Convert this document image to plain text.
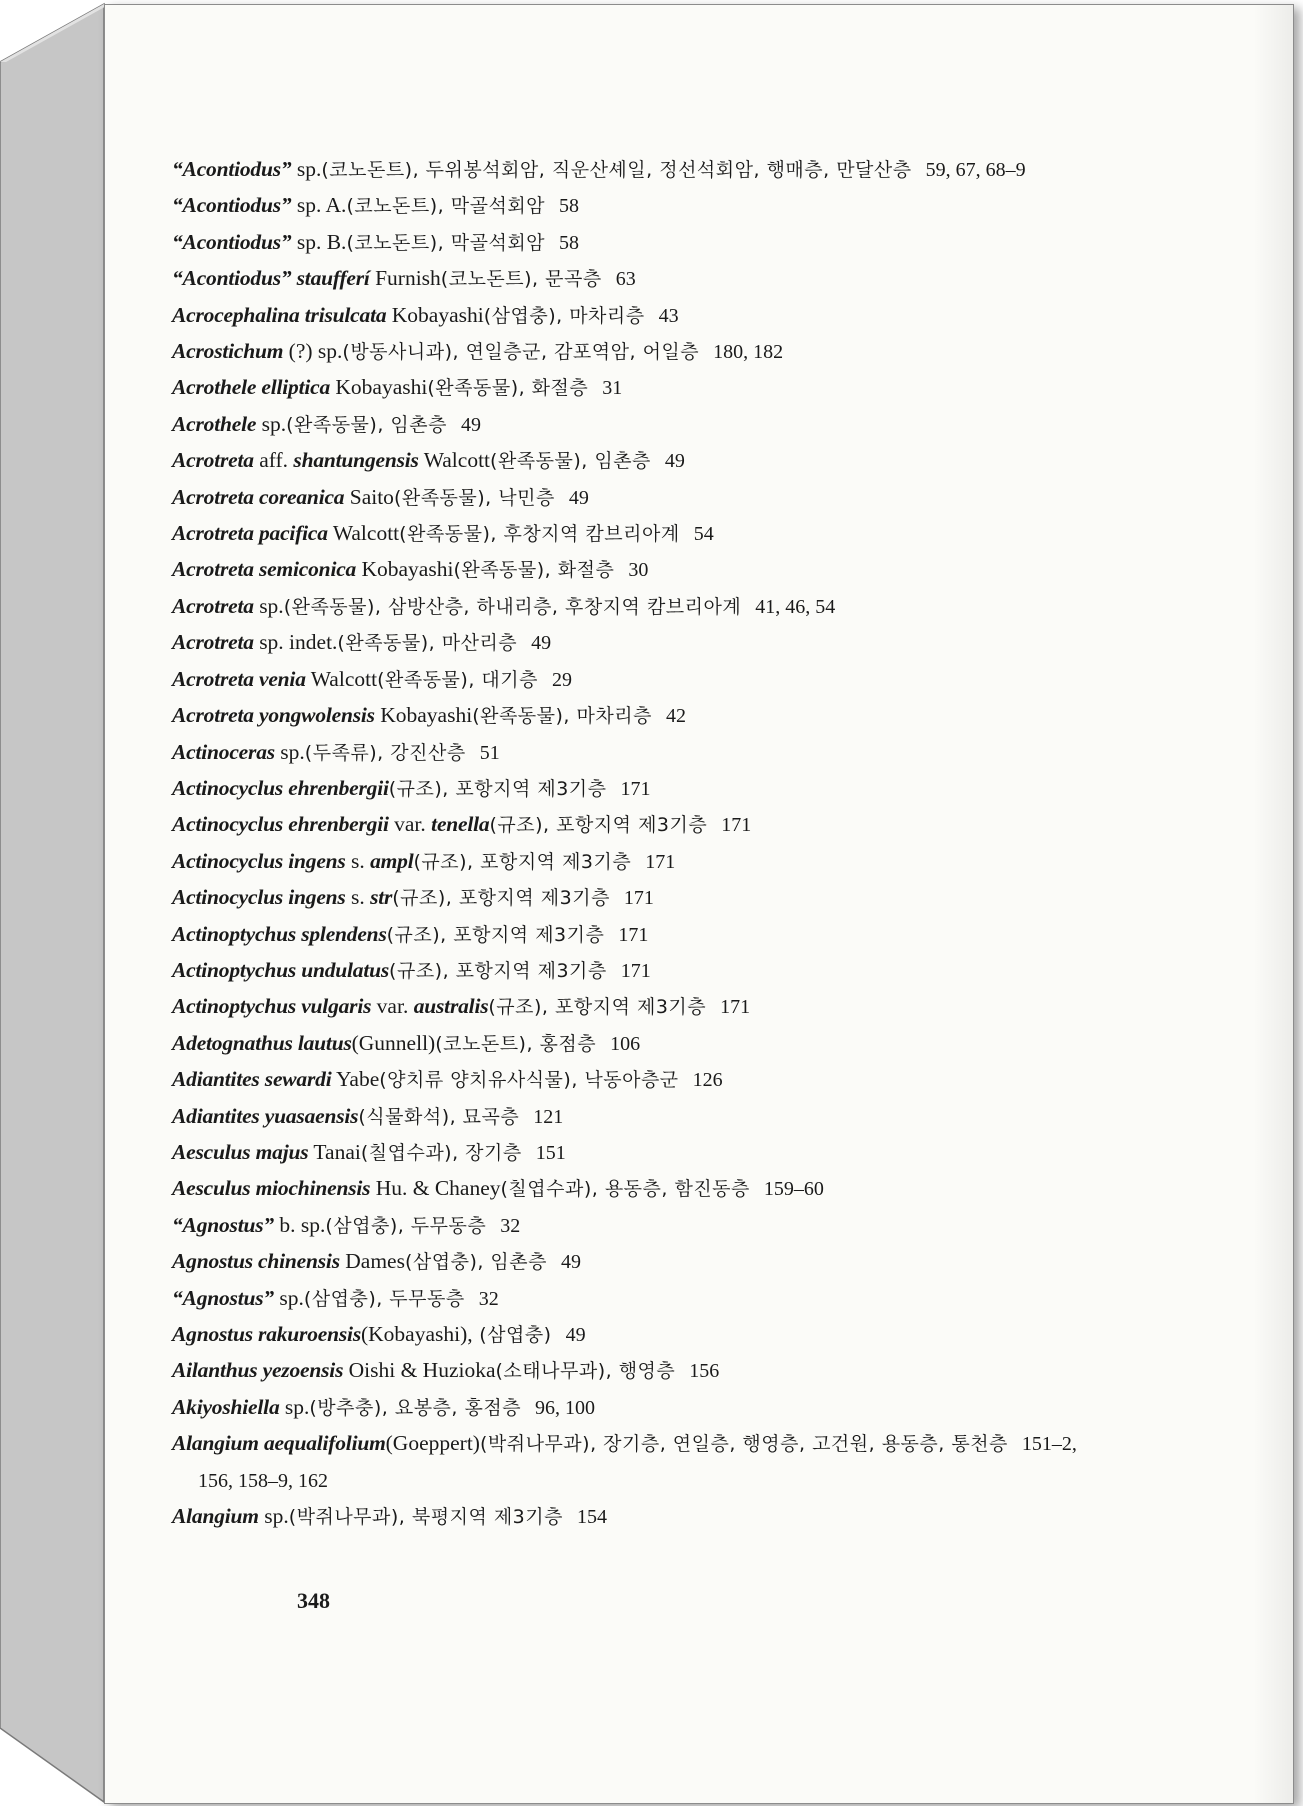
“Acontiodus” sp.(코노돈트), 두위봉석회암, 직운산셰일, 정선석회암, 행매층, 만달산층 59, 67, 68–9
“Acontiodus” sp. A.(코노돈트), 막골석회암 58
“Acontiodus” sp. B.(코노돈트), 막골석회암 58
“Acontiodus” staufferí Furnish(코노돈트), 문곡층 63
Acrocephalina trisulcata Kobayashi(삼엽충), 마차리층 43
Acrostichum (?) sp.(방동사니과), 연일층군, 감포역암, 어일층 180, 182
Acrothele elliptica Kobayashi(완족동물), 화절층 31
Acrothele sp.(완족동물), 임촌층 49
Acrotreta aff. shantungensis Walcott(완족동물), 임촌층 49
Acrotreta coreanica Saito(완족동물), 낙민층 49
Acrotreta pacifica Walcott(완족동물), 후창지역 캄브리아계 54
Acrotreta semiconica Kobayashi(완족동물), 화절층 30
Acrotreta sp.(완족동물), 삼방산층, 하내리층, 후창지역 캄브리아계 41, 46, 54
Acrotreta sp. indet.(완족동물), 마산리층 49
Acrotreta venia Walcott(완족동물), 대기층 29
Acrotreta yongwolensis Kobayashi(완족동물), 마차리층 42
Actinoceras sp.(두족류), 강진산층 51
Actinocyclus ehrenbergii(규조), 포항지역 제3기층 171
Actinocyclus ehrenbergii var. tenella(규조), 포항지역 제3기층 171
Actinocyclus ingens s. ampl(규조), 포항지역 제3기층 171
Actinocyclus ingens s. str(규조), 포항지역 제3기층 171
Actinoptychus splendens(규조), 포항지역 제3기층 171
Actinoptychus undulatus(규조), 포항지역 제3기층 171
Actinoptychus vulgaris var. australis(규조), 포항지역 제3기층 171
Adetognathus lautus(Gunnell)(코노돈트), 홍점층 106
Adiantites sewardi Yabe(양치류 양치유사식물), 낙동아층군 126
Adiantites yuasaensis(식물화석), 묘곡층 121
Aesculus majus Tanai(칠엽수과), 장기층 151
Aesculus miochinensis Hu. & Chaney(칠엽수과), 용동층, 함진동층 159–60
“Agnostus” b. sp.(삼엽충), 두무동층 32
Agnostus chinensis Dames(삼엽충), 임촌층 49
“Agnostus” sp.(삼엽충), 두무동층 32
Agnostus rakuroensis(Kobayashi), (삼엽충) 49
Ailanthus yezoensis Oishi & Huzioka(소태나무과), 행영층 156
Akiyoshiella sp.(방추충), 요봉층, 홍점층 96, 100
Alangium aequalifolium(Goeppert)(박쥐나무과), 장기층, 연일층, 행영층, 고건원, 용동층, 통천층 151–2, 156, 158–9, 162
Alangium sp.(박쥐나무과), 북평지역 제3기층 154
348
